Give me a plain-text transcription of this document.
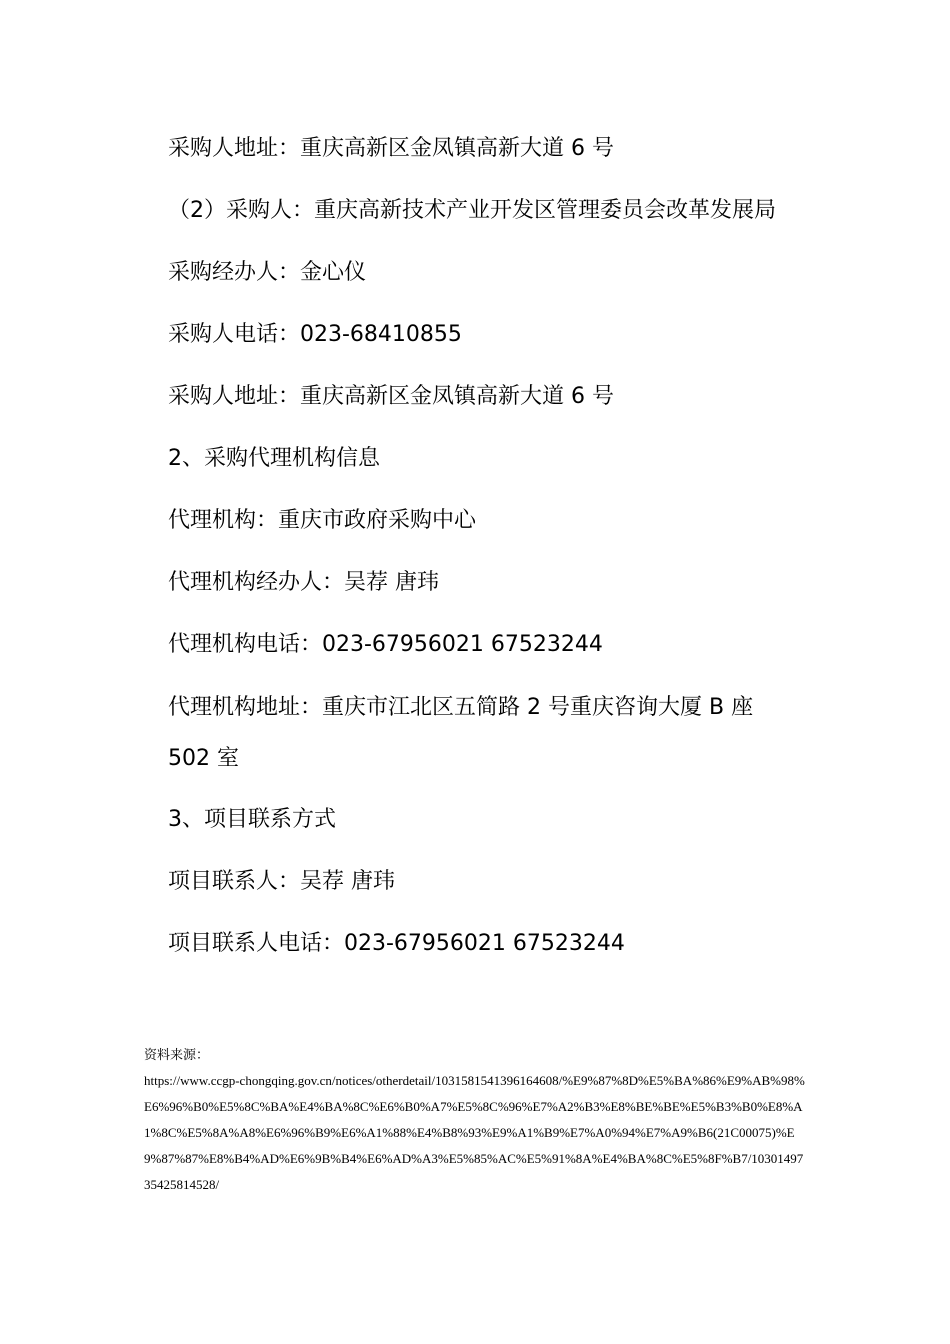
采购人地址：重庆高新区金凤镇高新大道 6 号

（2）采购人：重庆高新技术产业开发区管理委员会改革发展局

采购经办人：金心仪

采购人电话：023-68410855

采购人地址：重庆高新区金凤镇高新大道 6 号

2、采购代理机构信息

代理机构：重庆市政府采购中心

代理机构经办人：吴荐 唐玮

代理机构电话：023-67956021 67523244

代理机构地址：重庆市江北区五简路 2 号重庆咨询大厦 B 座 502 室

3、项目联系方式

项目联系人：吴荐 唐玮

项目联系人电话：023-67956021 67523244

资料来源：

https://www.ccgp-chongqing.gov.cn/notices/otherdetail/1031581541396164608/%E9%87%8D%E5%BA%86%E9%AB%98%E6%96%B0%E5%8C%BA%E4%BA%8C%E6%B0%A7%E5%8C%96%E7%A2%B3%E8%BE%BE%E5%B3%B0%E8%A1%8C%E5%8A%A8%E6%96%B9%E6%A1%88%E4%B8%93%E9%A1%B9%E7%A0%94%E7%A9%B6(21C00075)%E9%87%87%E8%B4%AD%E6%9B%B4%E6%AD%A3%E5%85%AC%E5%91%8A%E4%BA%8C%E5%8F%B7/1030149735425814528/
